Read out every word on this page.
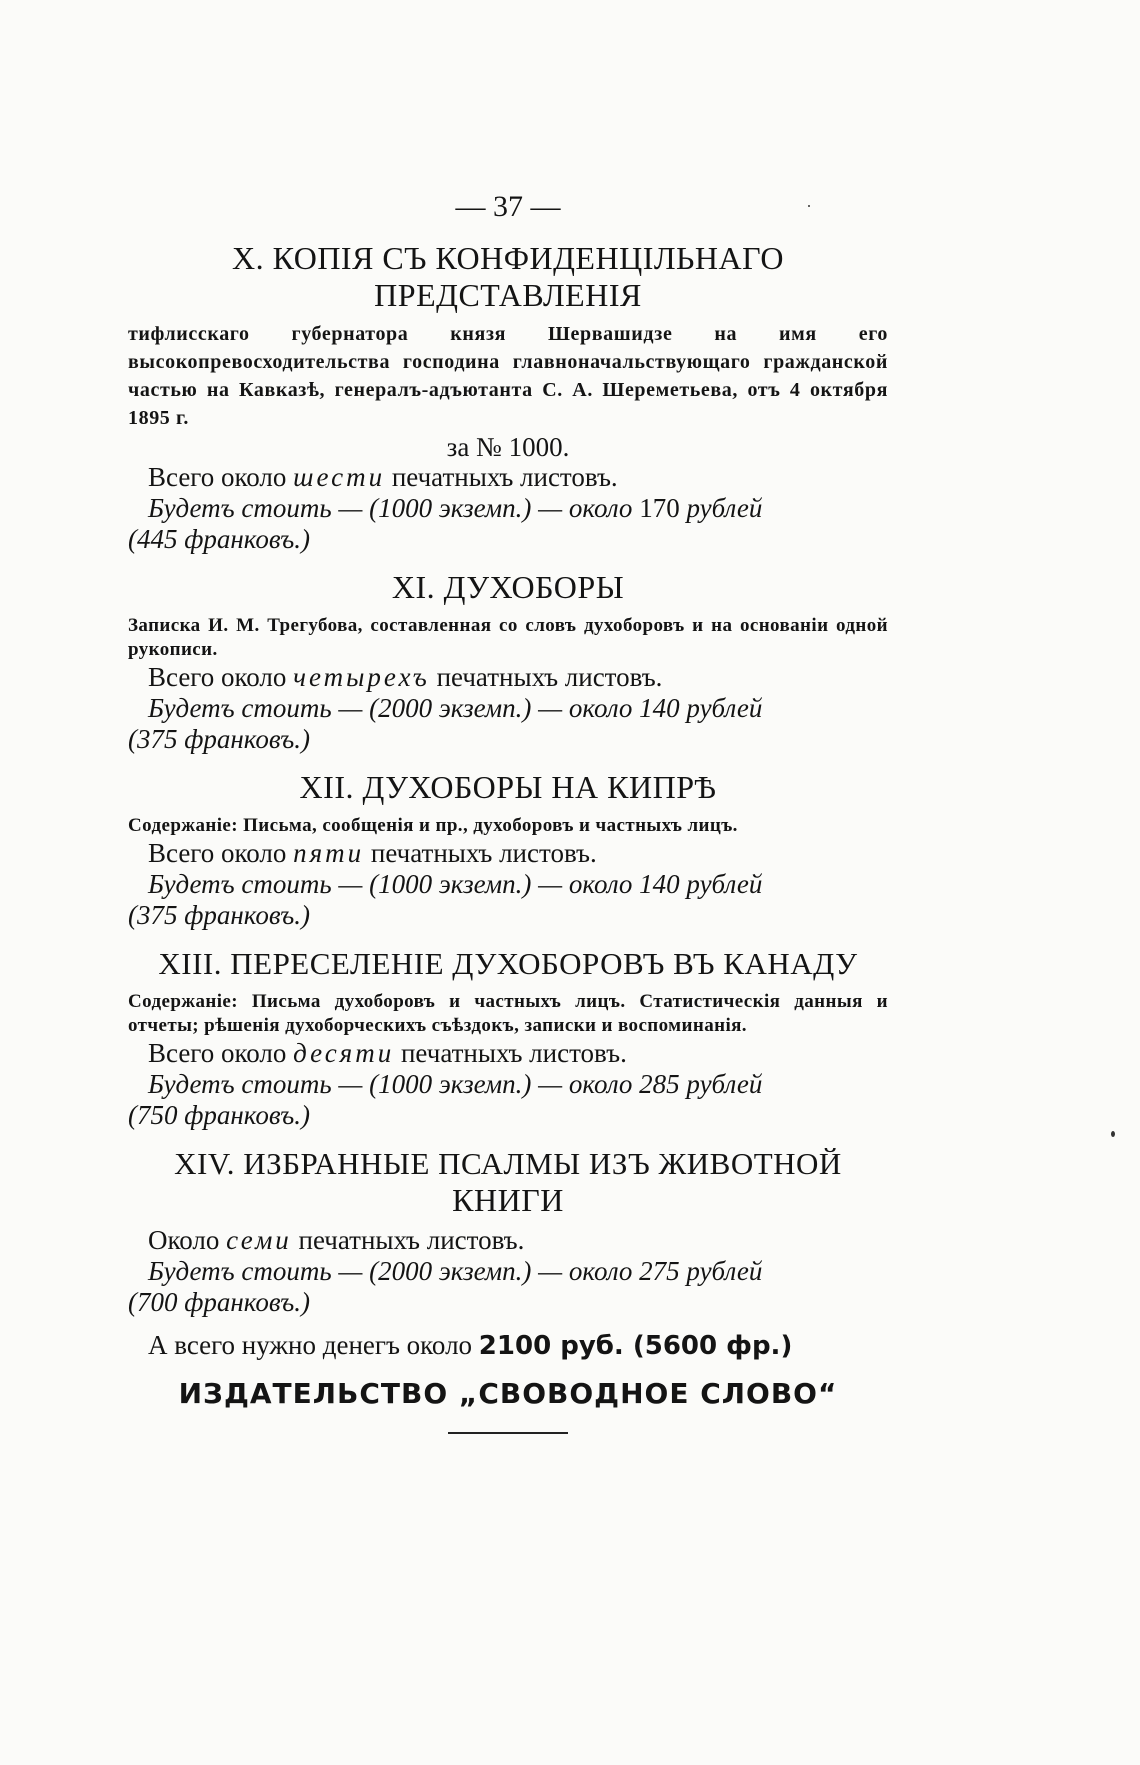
— 37 —
X. КОПІЯ СЪ КОНФИДЕНЦІЛЬНАГО
ПРЕДСТАВЛЕНІЯ
тифлисскаго губернатора князя Шервашидзе на имя его высокопревосходительства господина главноначальствующаго гражданской частью на Кавказѣ, генералъ-адъютанта С. А. Шереметьева, отъ 4 октября 1895 г.
за № 1000.
Всего около шести печатныхъ листовъ.
Будетъ стоить — (1000 экземп.) — около 170 рублей
(445 франковъ.)
XI. ДУХОБОРЫ
Записка И. М. Трегубова, составленная со словъ духоборовъ и на основаніи одной рукописи.
Всего около четырехъ печатныхъ листовъ.
Будетъ стоить — (2000 экземп.) — около 140 рублей
(375 франковъ.)
XII. ДУХОБОРЫ НА КИПРѢ
Содержаніе: Письма, сообщенія и пр., духоборовъ и частныхъ лицъ.
Всего около пяти печатныхъ листовъ.
Будетъ стоить — (1000 экземп.) — около 140 рублей
(375 франковъ.)
XIII. ПЕРЕСЕЛЕНІЕ ДУХОБОРОВЪ ВЪ КАНАДУ
Содержаніе: Письма духоборовъ и частныхъ лицъ. Статистическія данныя и отчеты; рѣшенія духоборческихъ съѣздокъ, записки и воспоминанія.
Всего около десяти печатныхъ листовъ.
Будетъ стоить — (1000 экземп.) — около 285 рублей
(750 франковъ.)
XIV. ИЗБРАННЫЕ ПСАЛМЫ ИЗЪ ЖИВОТНОЙ
КНИГИ
Около семи печатныхъ листовъ.
Будетъ стоить — (2000 экземп.) — около 275 рублей
(700 франковъ.)
А всего нужно денегъ около 2100 руб. (5600 фр.)
ИЗДАТЕЛЬСТВО „СВОВОДНОЕ СЛОВО“
